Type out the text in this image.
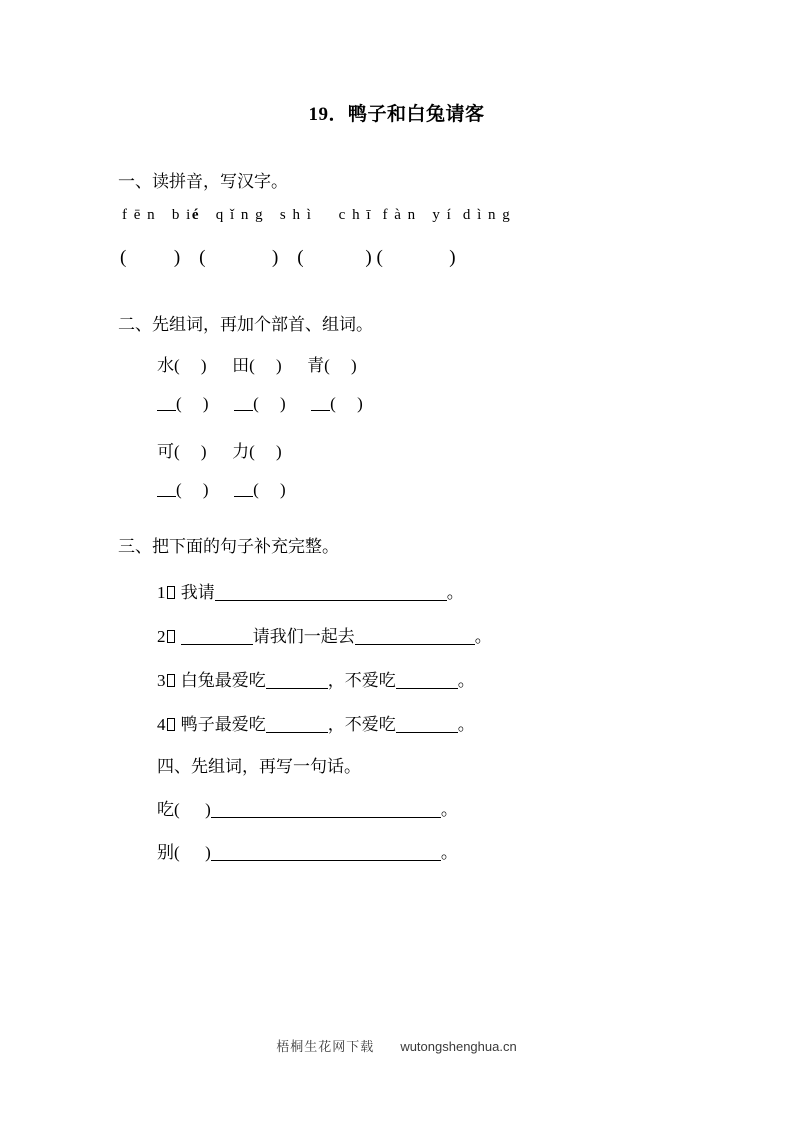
19．鸭子和白兔请客
一、读拼音，写汉字。
f ē n   b ié   q ǐ n g   s h ì     c h ī  f à n   y í  d ì n g
(          )    (              )    (             ) (              )
二、先组词，再加个部首、组词。
水(     )      田(     )      青(     )
(     )      (     )      (     )
可(     )      力(     )
(     )      (     )
三、把下面的句子补充完整。
1 我请	。
2	请我们一起去	。
3 白兔最爱吃	，不爱吃	。
4 鸭子最爱吃	，不爱吃	。
四、先组词，再写一句话。
吃(      )	。
别(      )	。
梧桐生花网下载 wutongshenghua.cn
